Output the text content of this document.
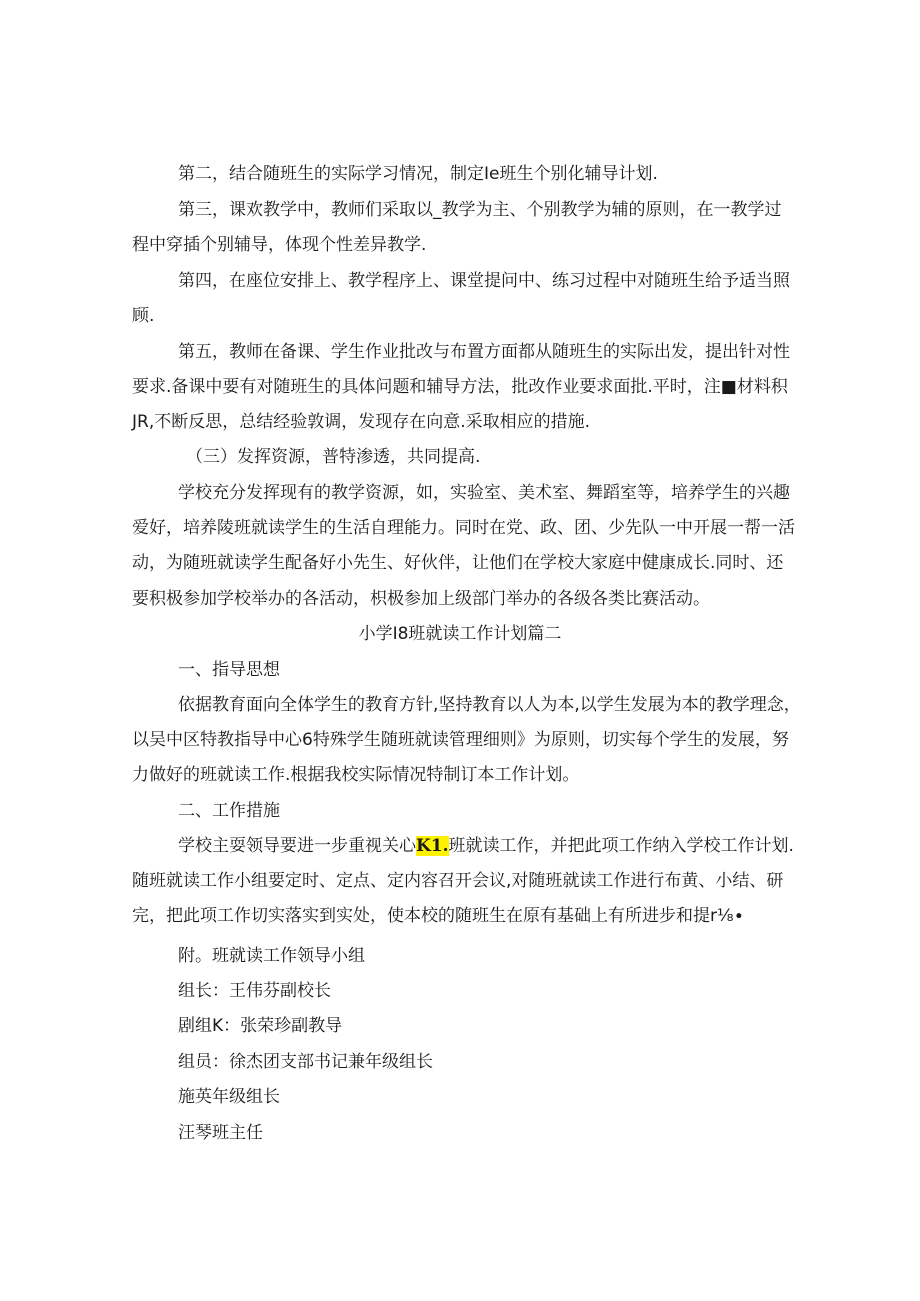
第二，结合随班生的实际学习情况，制定Ie班生个别化辅导计划.
第三，课欢教学中，教师们采取以_教学为主、个别教学为辅的原则，在一教学过
程中穿插个别辅导，体现个性差异教学.
第四，在座位安排上、教学程序上、课堂提问中、练习过程中对随班生给予适当照
顾.
第五，教师在备课、学生作业批改与布置方面都从随班生的实际出发，提出针对性
要求.备课中要有对随班生的具体问题和辅导方法，批改作业要求面批.平时，注■材料积
JR,不断反思，总结经验敦调，发现存在向意.采取相应的措施.
（三）发挥资源，普特渗透，共同提高.
学校充分发挥现有的教学资源，如，实验室、美术室、舞蹈室等，培养学生的兴趣
爱好，培养陵班就读学生的生活自理能力。同时在党、政、团、少先队一中开展一帮一活
动，为随班就读学生配备好小先生、好伙伴，让他们在学校大家庭中健康成长.同时、还
要积极参加学校举办的各活动，枳极参加上级部门举办的各级各类比赛活动。
小学I8班就读工作计划篇二
一、指导思想
依据教育面向全体学生的教育方针,坚持教育以人为本,以学生发展为本的教学理念，
以吴中区特教指导中心6特殊学生随班就读管理细则》为原则，切实每个学生的发展，努
力做好的班就读工作.根据我校实际情况特制订本工作计划。
二、工作措施
学校主耍领导要进一步重视关心K1.班就读工作，并把此项工作纳入学校工作计划.
随班就读工作小组要定时、定点、定内容召开会议,对随班就读工作进行布黄、小结、研
完，把此项工作切实落实到实处，使本校的随班生在原有基础上有所进步和提r⅛∙
附。班就读工作领导小组
组长：王伟芬副校长
剧组K：张荣珍副教导
组员：徐杰团支部书记兼年级组长
施英年级组长
汪琴班主任
